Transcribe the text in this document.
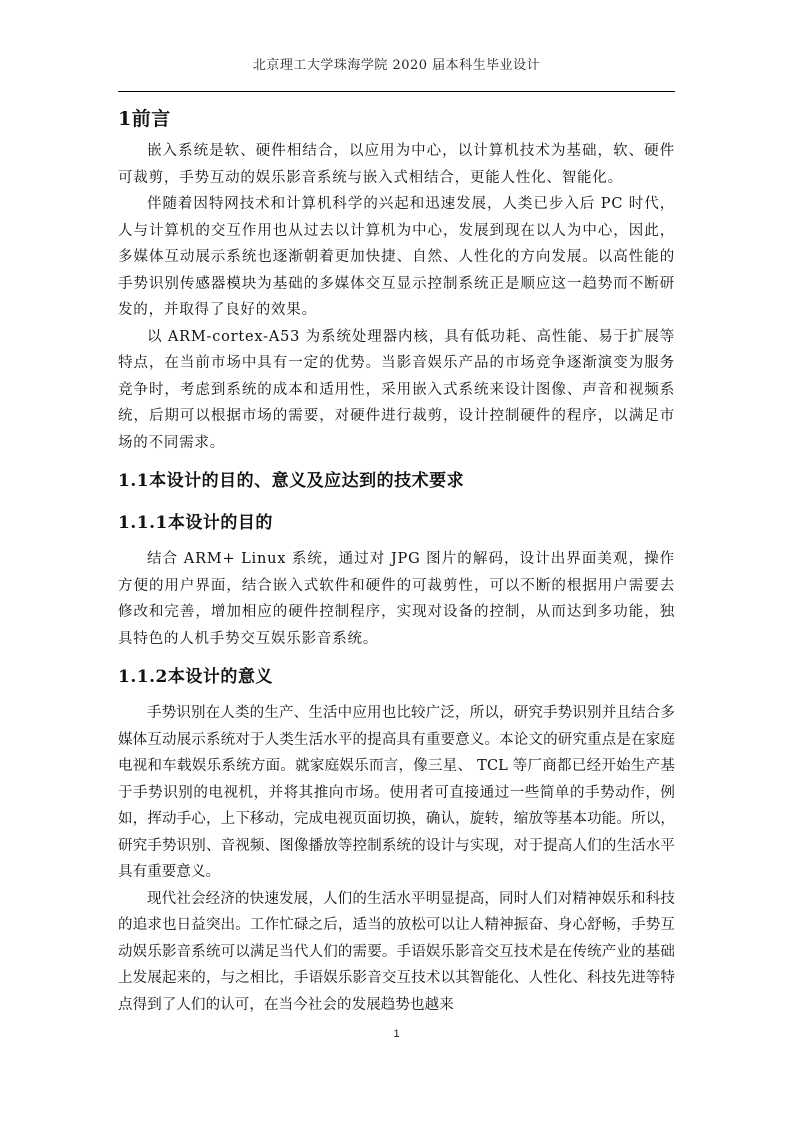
北京理工大学珠海学院 2020 届本科生毕业设计
1前言

嵌入系统是软、硬件相结合，以应用为中心，以计算机技术为基础，软、硬件可裁剪，手势互动的娱乐影音系统与嵌入式相结合，更能人性化、智能化。

伴随着因特网技术和计算机科学的兴起和迅速发展，人类已步入后 PC 时代，人与计算机的交互作用也从过去以计算机为中心，发展到现在以人为中心，因此，多媒体互动展示系统也逐渐朝着更加快捷、自然、人性化的方向发展。以高性能的手势识别传感器模块为基础的多媒体交互显示控制系统正是顺应这一趋势而不断研发的，并取得了良好的效果。

以 ARM-cortex-A53 为系统处理器内核，具有低功耗、高性能、易于扩展等特点，在当前市场中具有一定的优势。当影音娱乐产品的市场竞争逐渐演变为服务竞争时，考虑到系统的成本和适用性，采用嵌入式系统来设计图像、声音和视频系统，后期可以根据市场的需要，对硬件进行裁剪，设计控制硬件的程序，以满足市场的不同需求。

1.1本设计的目的、意义及应达到的技术要求
1.1.1本设计的目的

结合 ARM+ Linux 系统，通过对 JPG 图片的解码，设计出界面美观，操作方便的用户界面，结合嵌入式软件和硬件的可裁剪性，可以不断的根据用户需要去修改和完善，增加相应的硬件控制程序，实现对设备的控制，从而达到多功能，独具特色的人机手势交互娱乐影音系统。

1.1.2本设计的意义

手势识别在人类的生产、生活中应用也比较广泛，所以，研究手势识别并且结合多媒体互动展示系统对于人类生活水平的提高具有重要意义。本论文的研究重点是在家庭电视和车载娱乐系统方面。就家庭娱乐而言，像三星、 TCL 等厂商都已经开始生产基于手势识别的电视机，并将其推向市场。使用者可直接通过一些简单的手势动作，例如，挥动手心，上下移动，完成电视页面切换，确认，旋转，缩放等基本功能。所以，研究手势识别、音视频、图像播放等控制系统的设计与实现，对于提高人们的生活水平具有重要意义。

现代社会经济的快速发展，人们的生活水平明显提高，同时人们对精神娱乐和科技的追求也日益突出。工作忙碌之后，适当的放松可以让人精神振奋、身心舒畅，手势互动娱乐影音系统可以满足当代人们的需要。手语娱乐影音交互技术是在传统产业的基础上发展起来的，与之相比，手语娱乐影音交互技术以其智能化、人性化、科技先进等特点得到了人们的认可，在当今社会的发展趋势也越来

1
